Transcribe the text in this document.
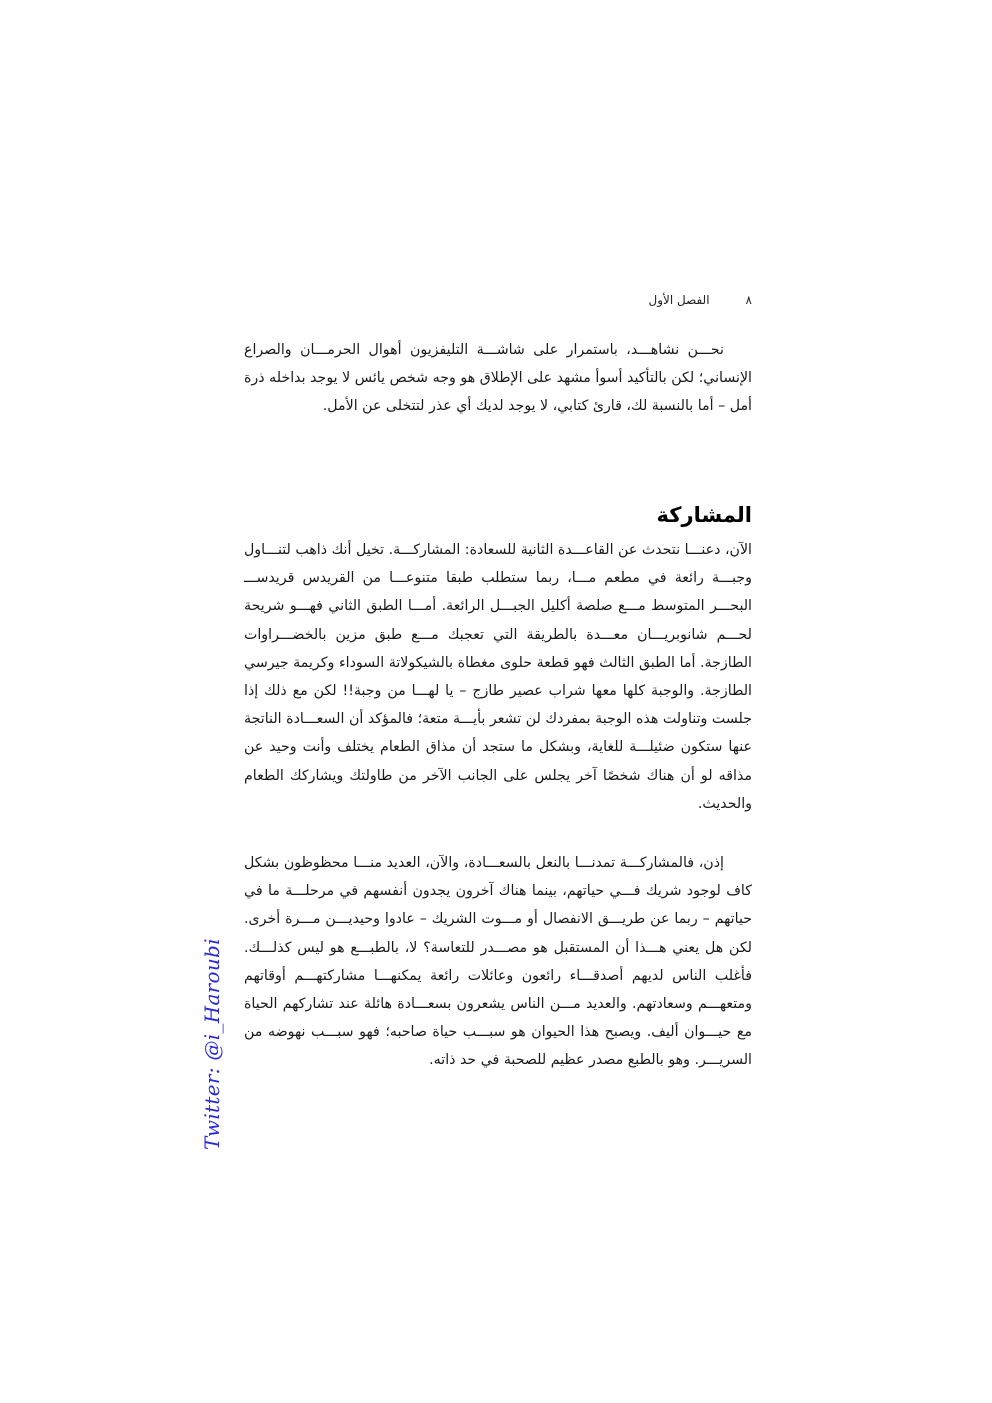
٨
الفصل الأول

نحـــن نشاهـــد، باستمرار على شاشـــة التليفزيون أهوال الحرمـــان والصراع الإنساني؛ لكن بالتأكيد أسوأ مشهد على الإطلاق هو وجه شخص يائس لا يوجد بداخله ذرة أمل – أما بالنسبة لك، قارئ كتابي، لا يوجد لديك أي عذر لتتخلى عن الأمل.

المشاركة

الآن، دعنـــا نتحدث عن القاعـــدة الثانية للسعادة: المشاركـــة. تخيل أنك ذاهب لتنـــاول وجبـــة رائعة في مطعم مـــا، ربما ستطلب طبقا متنوعـــا من القريدس قريدســـ البحـــر المتوسط مـــع صلصة أكليل الجبـــل الرائعة. أمـــا الطبق الثاني فهـــو شريحة لحـــم شانوبريـــان معـــدة بالطريقة التي تعجبك مـــع طبق مزين بالخضـــراوات الطازجة. أما الطبق الثالث فهو قطعة حلوى مغطاة بالشيكولاتة السوداء وكريمة جيرسي الطازجة. والوجبة كلها معها شراب عصير طازج – يا لهـــا من وجبة!! لكن مع ذلك إذا جلست وتناولت هذه الوجبة بمفردك لن تشعر بأيـــة متعة؛ فالمؤكد أن السعـــادة الناتجة عنها ستكون ضئيلـــة للغاية، وبشكل ما ستجد أن مذاق الطعام يختلف وأنت وحيد عن مذاقه لو أن هناك شخصًا آخر يجلس على الجانب الآخر من طاولتك ويشاركك الطعام والحديث.

إذن، فالمشاركـــة تمدنـــا بالنعل بالسعـــادة، والآن، العديد منـــا محظوظون بشكل كاف لوجود شريك فـــي حياتهم، بينما هناك آخرون يجدون أنفسهم في مرحلـــة ما في حياتهم – ربما عن طريـــق الانفصال أو مـــوت الشريك – عادوا وحيديـــن مـــرة أخرى. لكن هل يعني هـــذا أن المستقبل هو مصـــدر للتعاسة؟ لا، بالطبـــع هو ليس كذلـــك. فأغلب الناس لديهم أصدقـــاء رائعون وعائلات رائعة يمكنهـــا مشاركتهـــم أوقاتهم ومتعهـــم وسعادتهم. والعديد مـــن الناس يشعرون بسعـــادة هائلة عند تشاركهم الحياة مع حيـــوان أليف. ويصبح هذا الحيوان هو سبـــب حياة صاحبه؛ فهو سبـــب نهوضه من السريـــر. وهو بالطبع مصدر عظيم للصحبة في حد ذاته.

Twitter: @i_Haroubi
